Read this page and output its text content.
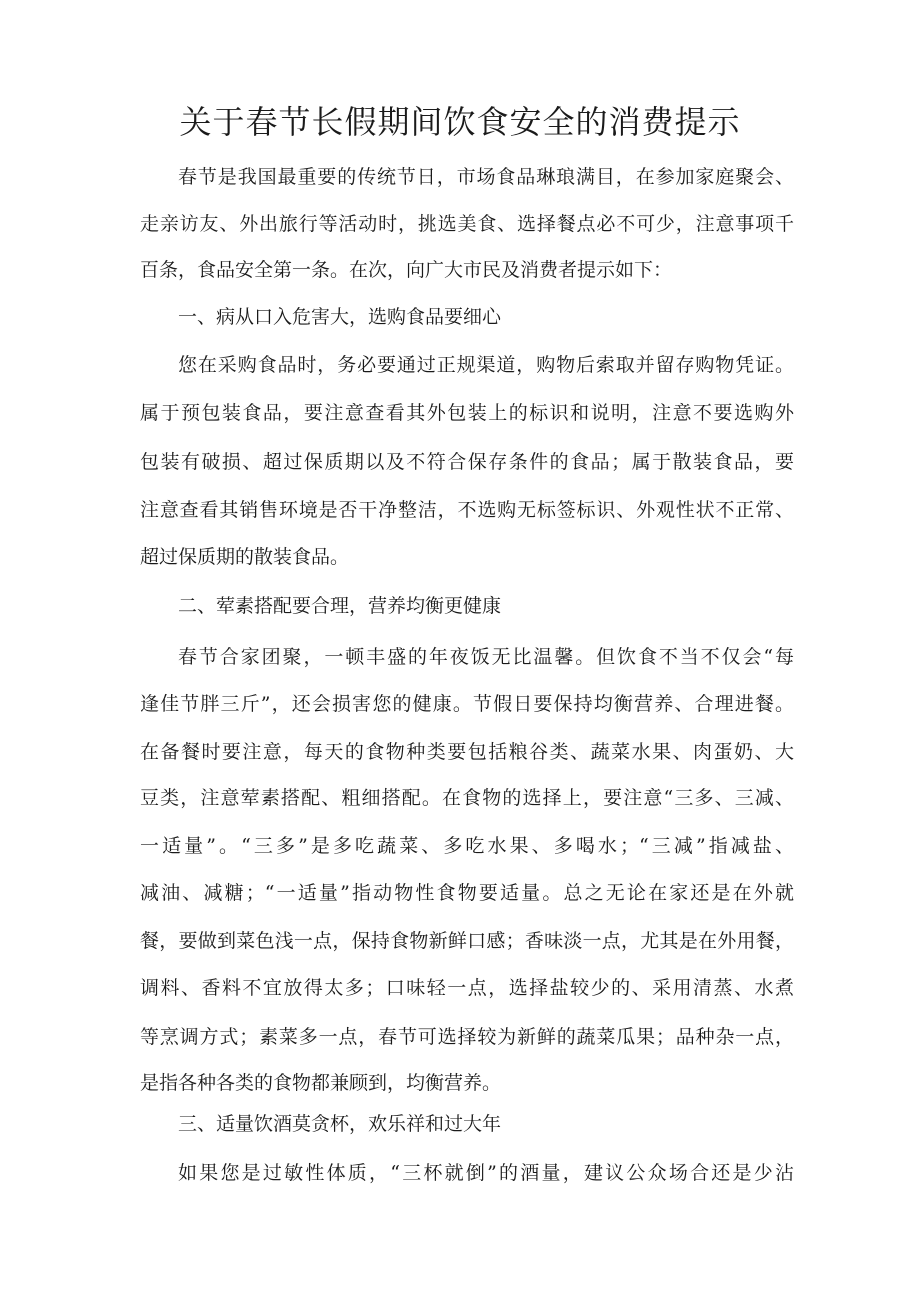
关于春节长假期间饮食安全的消费提示
春节是我国最重要的传统节日，市场食品琳琅满目，在参加家庭聚会、
走亲访友、外出旅行等活动时，挑选美食、选择餐点必不可少，注意事项千
百条，食品安全第一条。在次，向广大市民及消费者提示如下：
一、病从口入危害大，选购食品要细心
您在采购食品时，务必要通过正规渠道，购物后索取并留存购物凭证。
属于预包装食品，要注意查看其外包装上的标识和说明，注意不要选购外
包装有破损、超过保质期以及不符合保存条件的食品；属于散装食品，要
注意查看其销售环境是否干净整洁，不选购无标签标识、外观性状不正常、
超过保质期的散装食品。
二、荤素搭配要合理，营养均衡更健康
春节合家团聚，一顿丰盛的年夜饭无比温馨。但饮食不当不仅会“每
逢佳节胖三斤”，还会损害您的健康。节假日要保持均衡营养、合理进餐。
在备餐时要注意，每天的食物种类要包括粮谷类、蔬菜水果、肉蛋奶、大
豆类，注意荤素搭配、粗细搭配。在食物的选择上，要注意“三多、三减、
一适量”。“三多”是多吃蔬菜、多吃水果、多喝水；“三减”指减盐、
减油、减糖；“一适量”指动物性食物要适量。总之无论在家还是在外就
餐，要做到菜色浅一点，保持食物新鲜口感；香味淡一点，尤其是在外用餐，
调料、香料不宜放得太多；口味轻一点，选择盐较少的、采用清蒸、水煮
等烹调方式；素菜多一点，春节可选择较为新鲜的蔬菜瓜果；品种杂一点，
是指各种各类的食物都兼顾到，均衡营养。
三、适量饮酒莫贪杯，欢乐祥和过大年
如果您是过敏性体质，“三杯就倒”的酒量，建议公众场合还是少沾
